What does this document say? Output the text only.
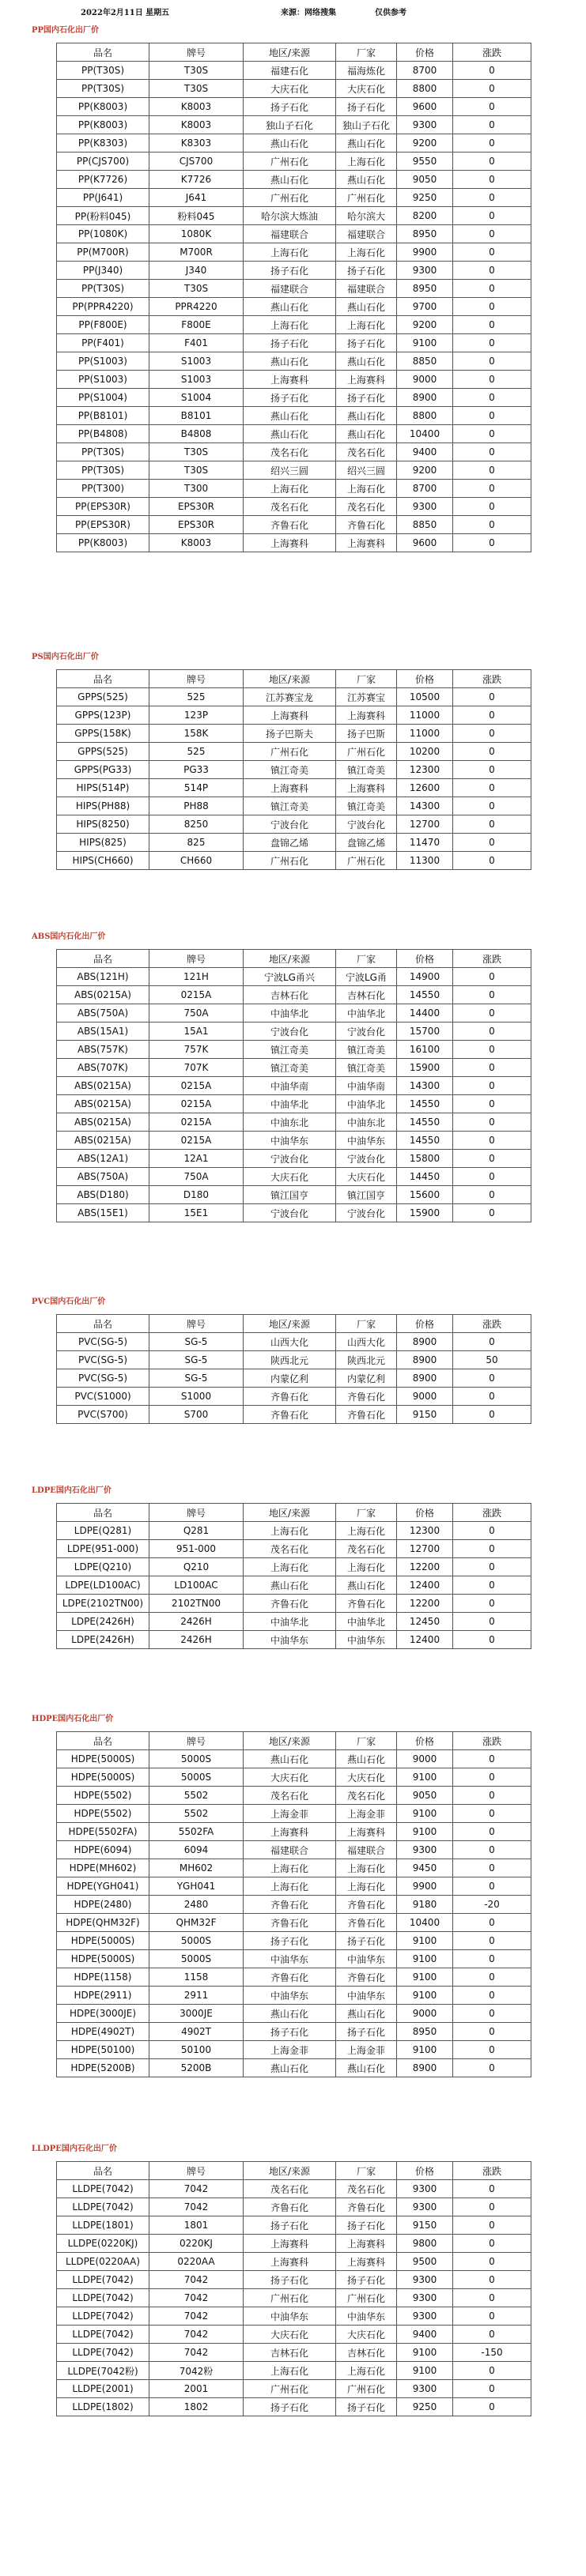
2022年2月11日 星期五	来源：网络搜集	仅供参考
PP国内石化出厂价
品名	牌号	地区/来源	厂家	价格	涨跌
PP(T30S)	T30S	福建石化	福海炼化	8700	0
PP(T30S)	T30S	大庆石化	大庆石化	8800	0
PP(K8003)	K8003	扬子石化	扬子石化	9600	0
PP(K8003)	K8003	独山子石化	独山子石化	9300	0
PP(K8303)	K8303	燕山石化	燕山石化	9200	0
PP(CJS700)	CJS700	广州石化	上海石化	9550	0
PP(K7726)	K7726	燕山石化	燕山石化	9050	0
PP(J641)	J641	广州石化	广州石化	9250	0
PP(粉料045)	粉料045	哈尔滨大炼油	哈尔滨大	8200	0
PP(1080K)	1080K	福建联合	福建联合	8950	0
PP(M700R)	M700R	上海石化	上海石化	9900	0
PP(J340)	J340	扬子石化	扬子石化	9300	0
PP(T30S)	T30S	福建联合	福建联合	8950	0
PP(PPR4220)	PPR4220	燕山石化	燕山石化	9700	0
PP(F800E)	F800E	上海石化	上海石化	9200	0
PP(F401)	F401	扬子石化	扬子石化	9100	0
PP(S1003)	S1003	燕山石化	燕山石化	8850	0
PP(S1003)	S1003	上海赛科	上海赛科	9000	0
PP(S1004)	S1004	扬子石化	扬子石化	8900	0
PP(B8101)	B8101	燕山石化	燕山石化	8800	0
PP(B4808)	B4808	燕山石化	燕山石化	10400	0
PP(T30S)	T30S	茂名石化	茂名石化	9400	0
PP(T30S)	T30S	绍兴三圆	绍兴三圆	9200	0
PP(T300)	T300	上海石化	上海石化	8700	0
PP(EPS30R)	EPS30R	茂名石化	茂名石化	9300	0
PP(EPS30R)	EPS30R	齐鲁石化	齐鲁石化	8850	0
PP(K8003)	K8003	上海赛科	上海赛科	9600	0
PS国内石化出厂价
品名	牌号	地区/来源	厂家	价格	涨跌
GPPS(525)	525	江苏赛宝龙	江苏赛宝	10500	0
GPPS(123P)	123P	上海赛科	上海赛科	11000	0
GPPS(158K)	158K	扬子巴斯夫	扬子巴斯	11000	0
GPPS(525)	525	广州石化	广州石化	10200	0
GPPS(PG33)	PG33	镇江奇美	镇江奇美	12300	0
HIPS(514P)	514P	上海赛科	上海赛科	12600	0
HIPS(PH88)	PH88	镇江奇美	镇江奇美	14300	0
HIPS(8250)	8250	宁波台化	宁波台化	12700	0
HIPS(825)	825	盘锦乙烯	盘锦乙烯	11470	0
HIPS(CH660)	CH660	广州石化	广州石化	11300	0
ABS国内石化出厂价
品名	牌号	地区/来源	厂家	价格	涨跌
ABS(121H)	121H	宁波LG甬兴	宁波LG甬	14900	0
ABS(0215A)	0215A	吉林石化	吉林石化	14550	0
ABS(750A)	750A	中油华北	中油华北	14400	0
ABS(15A1)	15A1	宁波台化	宁波台化	15700	0
ABS(757K)	757K	镇江奇美	镇江奇美	16100	0
ABS(707K)	707K	镇江奇美	镇江奇美	15900	0
ABS(0215A)	0215A	中油华南	中油华南	14300	0
ABS(0215A)	0215A	中油华北	中油华北	14550	0
ABS(0215A)	0215A	中油东北	中油东北	14550	0
ABS(0215A)	0215A	中油华东	中油华东	14550	0
ABS(12A1)	12A1	宁波台化	宁波台化	15800	0
ABS(750A)	750A	大庆石化	大庆石化	14450	0
ABS(D180)	D180	镇江国亨	镇江国亨	15600	0
ABS(15E1)	15E1	宁波台化	宁波台化	15900	0
PVC国内石化出厂价
品名	牌号	地区/来源	厂家	价格	涨跌
PVC(SG-5)	SG-5	山西大化	山西大化	8900	0
PVC(SG-5)	SG-5	陕西北元	陕西北元	8900	50
PVC(SG-5)	SG-5	内蒙亿利	内蒙亿利	8900	0
PVC(S1000)	S1000	齐鲁石化	齐鲁石化	9000	0
PVC(S700)	S700	齐鲁石化	齐鲁石化	9150	0
LDPE国内石化出厂价
品名	牌号	地区/来源	厂家	价格	涨跌
LDPE(Q281)	Q281	上海石化	上海石化	12300	0
LDPE(951-000)	951-000	茂名石化	茂名石化	12700	0
LDPE(Q210)	Q210	上海石化	上海石化	12200	0
LDPE(LD100AC)	LD100AC	燕山石化	燕山石化	12400	0
LDPE(2102TN00)	2102TN00	齐鲁石化	齐鲁石化	12200	0
LDPE(2426H)	2426H	中油华北	中油华北	12450	0
LDPE(2426H)	2426H	中油华东	中油华东	12400	0
HDPE国内石化出厂价
品名	牌号	地区/来源	厂家	价格	涨跌
HDPE(5000S)	5000S	燕山石化	燕山石化	9000	0
HDPE(5000S)	5000S	大庆石化	大庆石化	9100	0
HDPE(5502)	5502	茂名石化	茂名石化	9050	0
HDPE(5502)	5502	上海金菲	上海金菲	9100	0
HDPE(5502FA)	5502FA	上海赛科	上海赛科	9100	0
HDPE(6094)	6094	福建联合	福建联合	9300	0
HDPE(MH602)	MH602	上海石化	上海石化	9450	0
HDPE(YGH041)	YGH041	上海石化	上海石化	9900	0
HDPE(2480)	2480	齐鲁石化	齐鲁石化	9180	-20
HDPE(QHM32F)	QHM32F	齐鲁石化	齐鲁石化	10400	0
HDPE(5000S)	5000S	扬子石化	扬子石化	9100	0
HDPE(5000S)	5000S	中油华东	中油华东	9100	0
HDPE(1158)	1158	齐鲁石化	齐鲁石化	9100	0
HDPE(2911)	2911	中油华东	中油华东	9100	0
HDPE(3000JE)	3000JE	燕山石化	燕山石化	9000	0
HDPE(4902T)	4902T	扬子石化	扬子石化	8950	0
HDPE(50100)	50100	上海金菲	上海金菲	9100	0
HDPE(5200B)	5200B	燕山石化	燕山石化	8900	0
LLDPE国内石化出厂价
品名	牌号	地区/来源	厂家	价格	涨跌
LLDPE(7042)	7042	茂名石化	茂名石化	9300	0
LLDPE(7042)	7042	齐鲁石化	齐鲁石化	9300	0
LLDPE(1801)	1801	扬子石化	扬子石化	9150	0
LLDPE(0220KJ)	0220KJ	上海赛科	上海赛科	9800	0
LLDPE(0220AA)	0220AA	上海赛科	上海赛科	9500	0
LLDPE(7042)	7042	扬子石化	扬子石化	9300	0
LLDPE(7042)	7042	广州石化	广州石化	9300	0
LLDPE(7042)	7042	中油华东	中油华东	9300	0
LLDPE(7042)	7042	大庆石化	大庆石化	9400	0
LLDPE(7042)	7042	吉林石化	吉林石化	9100	-150
LLDPE(7042粉)	7042粉	上海石化	上海石化	9100	0
LLDPE(2001)	2001	广州石化	广州石化	9300	0
LLDPE(1802)	1802	扬子石化	扬子石化	9250	0
